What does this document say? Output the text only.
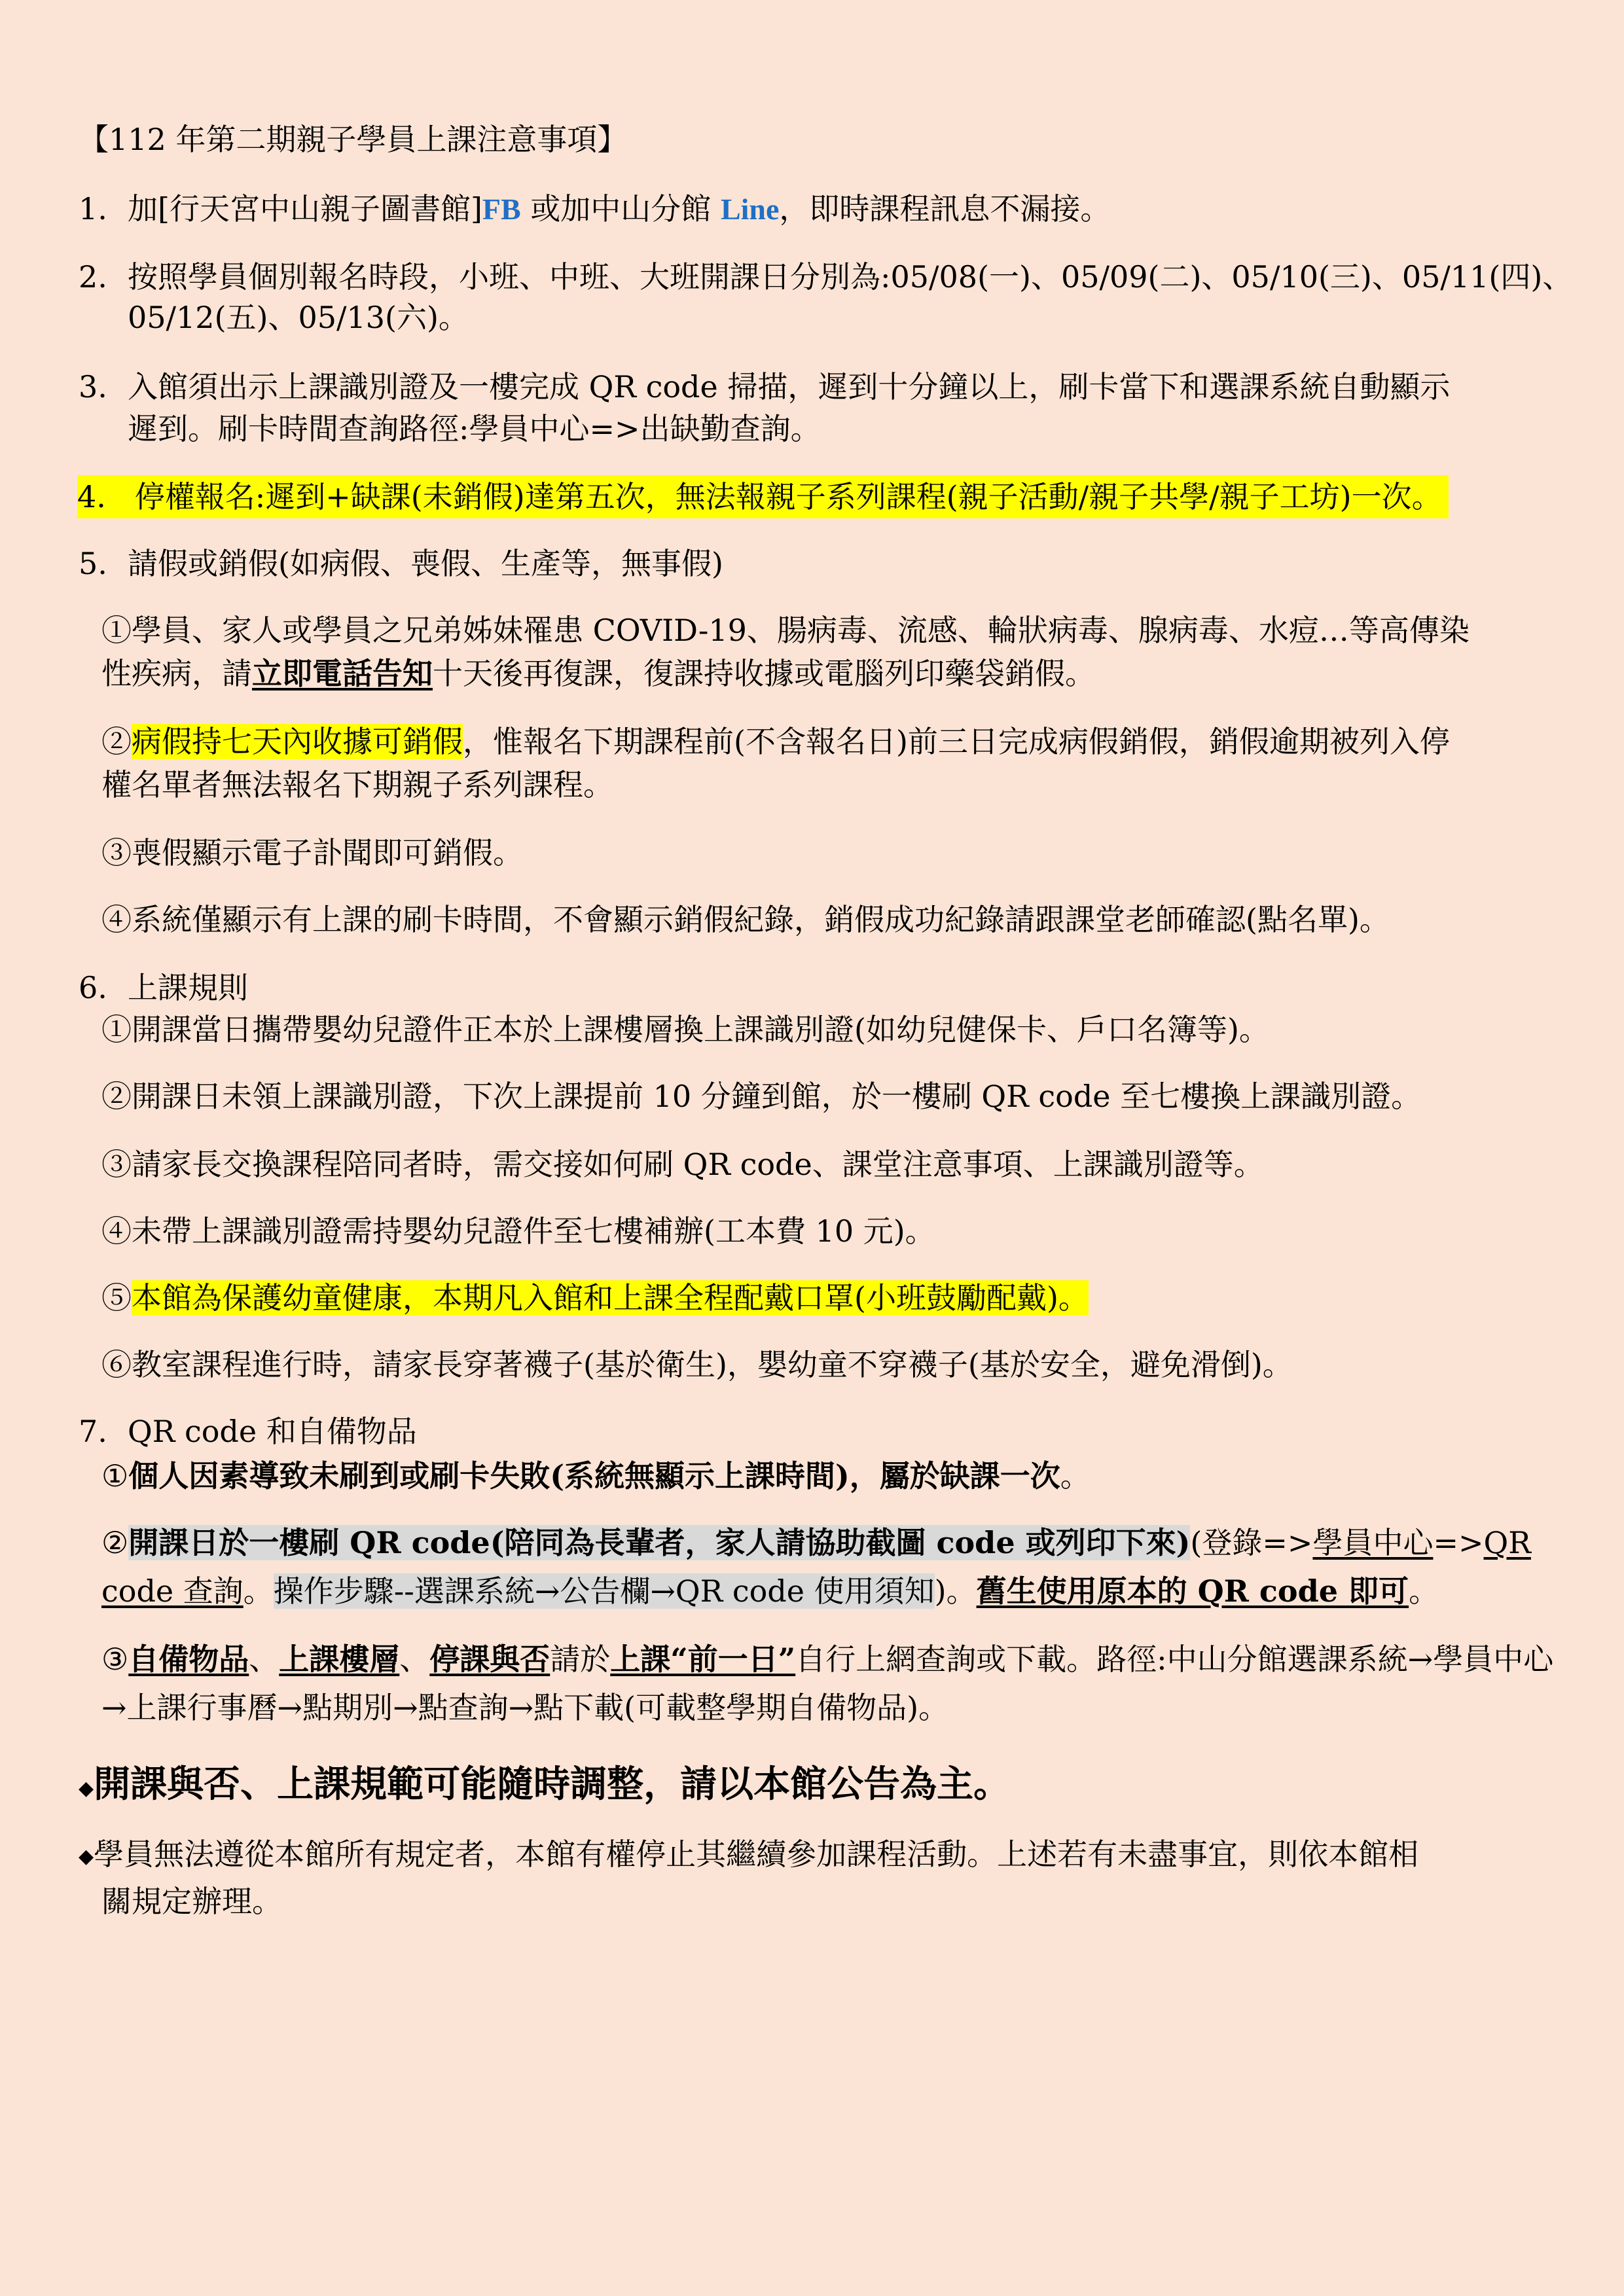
【112 年第二期親子學員上課注意事項】
1. 加[行天宮中山親子圖書館]FB 或加中山分館 Line，即時課程訊息不漏接。
2. 按照學員個別報名時段，小班、中班、大班開課日分別為:05/08(一)、05/09(二)、05/10(三)、05/11(四)、
05/12(五)、05/13(六)。
3. 入館須出示上課識別證及一樓完成 QR code 掃描，遲到十分鐘以上，刷卡當下和選課系統自動顯示
遲到。刷卡時間查詢路徑:學員中心=>出缺勤查詢。
4. 停權報名:遲到+缺課(未銷假)達第五次，無法報親子系列課程(親子活動/親子共學/親子工坊)一次。
5. 請假或銷假(如病假、喪假、生產等，無事假)
①學員、家人或學員之兄弟姊妹罹患 COVID-19、腸病毒、流感、輪狀病毒、腺病毒、水痘…等高傳染
性疾病，請立即電話告知十天後再復課，復課持收據或電腦列印藥袋銷假。
②病假持七天內收據可銷假，惟報名下期課程前(不含報名日)前三日完成病假銷假，銷假逾期被列入停
權名單者無法報名下期親子系列課程。
③喪假顯示電子訃聞即可銷假。
④系統僅顯示有上課的刷卡時間，不會顯示銷假紀錄，銷假成功紀錄請跟課堂老師確認(點名單)。
6. 上課規則
①開課當日攜帶嬰幼兒證件正本於上課樓層換上課識別證(如幼兒健保卡、戶口名簿等)。
②開課日未領上課識別證，下次上課提前 10 分鐘到館，於一樓刷 QR code 至七樓換上課識別證。
③請家長交換課程陪同者時，需交接如何刷 QR code、課堂注意事項、上課識別證等。
④未帶上課識別證需持嬰幼兒證件至七樓補辦(工本費 10 元)。
⑤本館為保護幼童健康，本期凡入館和上課全程配戴口罩(小班鼓勵配戴)。
⑥教室課程進行時，請家長穿著襪子(基於衛生)，嬰幼童不穿襪子(基於安全，避免滑倒)。
7. QR code 和自備物品
①個人因素導致未刷到或刷卡失敗(系統無顯示上課時間)，屬於缺課一次。
②開課日於一樓刷 QR code(陪同為長輩者，家人請協助截圖 code 或列印下來)(登錄=>學員中心=>QR
code 查詢。操作步驟--選課系統→公告欄→QR code 使用須知)。舊生使用原本的 QR code 即可。
③自備物品、上課樓層、停課與否請於上課“前一日”自行上網查詢或下載。路徑:中山分館選課系統→學員中心
→上課行事曆→點期別→點查詢→點下載(可載整學期自備物品)。
◆開課與否、上課規範可能隨時調整，請以本館公告為主。
◆學員無法遵從本館所有規定者，本館有權停止其繼續參加課程活動。上述若有未盡事宜，則依本館相
關規定辦理。
